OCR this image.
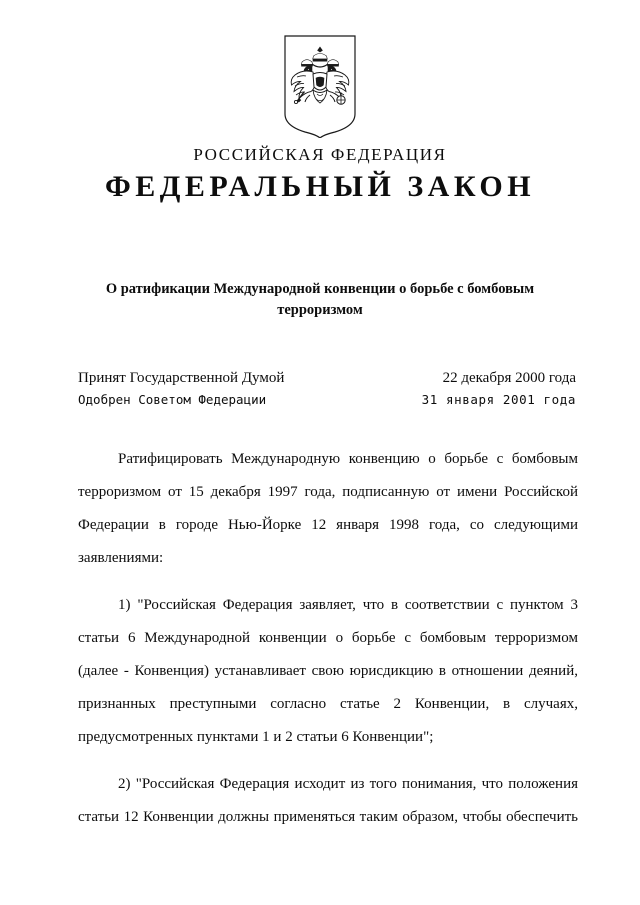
РОССИЙСКАЯ ФЕДЕРАЦИЯ
ФЕДЕРАЛЬНЫЙ ЗАКОН
О ратификации Международной конвенции о борьбе с бомбовым терроризмом
Принят Государственной Думой	22 декабря 2000 года
Одобрен Советом Федерации	31 января 2001 года

Ратифицировать Международную конвенцию о борьбе с бомбовым терроризмом от 15 декабря 1997 года, подписанную от имени Российской Федерации в городе Нью-Йорке 12 января 1998 года, со следующими заявлениями:

1) "Российская Федерация заявляет, что в соответствии с пунктом 3 статьи 6 Международной конвенции о борьбе с бомбовым терроризмом (далее - Конвенция) устанавливает свою юрисдикцию в отношении деяний, признанных преступными согласно статье 2 Конвенции, в случаях, предусмотренных пунктами 1 и 2 статьи 6 Конвенции";

2) "Российская Федерация исходит из того понимания, что положения статьи 12 Конвенции должны применяться таким образом, чтобы обеспечить
